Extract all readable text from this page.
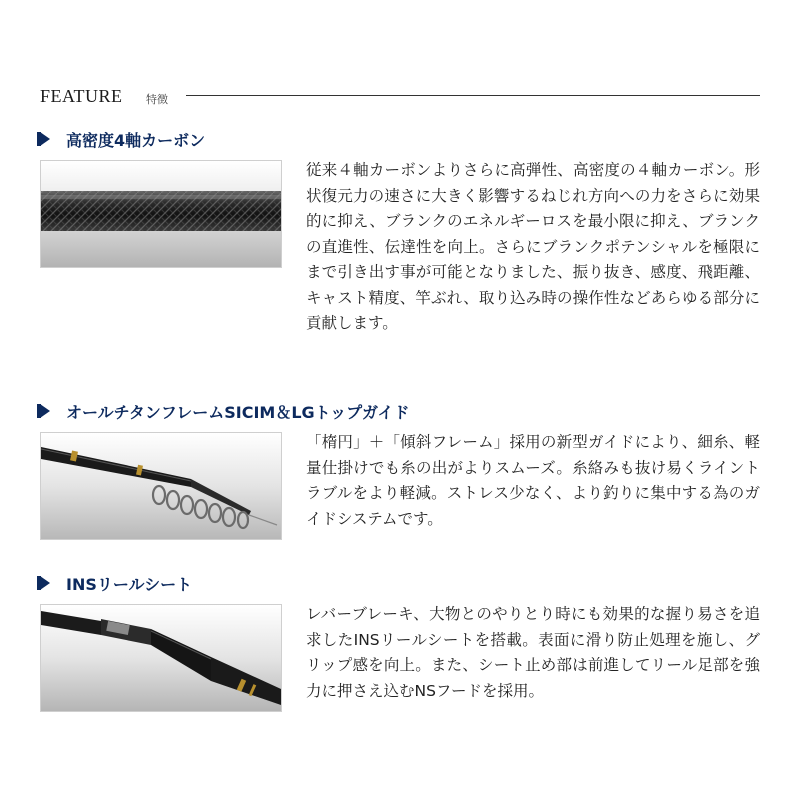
FEATURE 特徴
高密度4軸カーボン

従来４軸カーボンよりさらに高弾性、高密度の４軸カーボン。形状復元力の速さに大きく影響するねじれ方向への力をさらに効果的に抑え、ブランクのエネルギーロスを最小限に抑え、ブランクの直進性、伝達性を向上。さらにブランクポテンシャルを極限にまで引き出す事が可能となりました、振り抜き、感度、飛距離、キャスト精度、竿ぶれ、取り込み時の操作性などあらゆる部分に貢献します。

オールチタンフレームSICIM＆LGトップガイド

「楕円」＋「傾斜フレーム」採用の新型ガイドにより、細糸、軽量仕掛けでも糸の出がよりスムーズ。糸絡みも抜け易くライントラブルをより軽減。ストレス少なく、より釣りに集中する為のガイドシステムです。

INSリールシート

レバーブレーキ、大物とのやりとり時にも効果的な握り易さを追求したINSリールシートを搭載。表面に滑り防止処理を施し、グリップ感を向上。また、シート止め部は前進してリール足部を強力に押さえ込むNSフードを採用。
